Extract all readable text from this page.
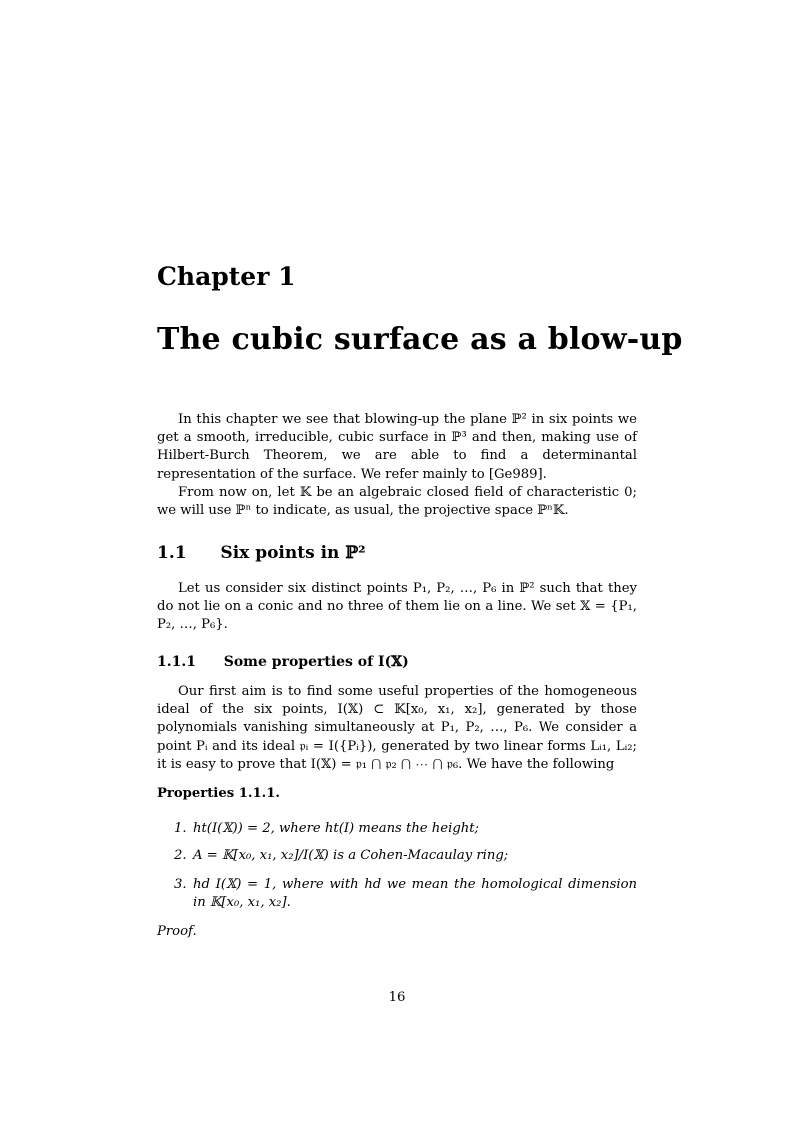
Chapter 1
The cubic surface as a blow-up

In this chapter we see that blowing-up the plane ℙ² in six points we get a smooth, irreducible, cubic surface in ℙ³ and then, making use of Hilbert-Burch Theorem, we are able to find a determinantal representation of the surface. We refer mainly to [Ge989].

From now on, let 𝕂 be an algebraic closed field of characteristic 0; we will use ℙⁿ to indicate, as usual, the projective space ℙⁿ𝕂.

1.1 Six points in ℙ²

Let us consider six distinct points P₁, P₂, …, P₆ in ℙ² such that they do not lie on a conic and no three of them lie on a line. We set 𝕏 = {P₁, P₂, …, P₆}.

1.1.1 Some properties of I(𝕏)

Our first aim is to find some useful properties of the homogeneous ideal of the six points, I(𝕏) ⊂ 𝕂[x₀, x₁, x₂], generated by those polynomials vanishing simultaneously at P₁, P₂, …, P₆. We consider a point Pᵢ and its ideal 𝔭ᵢ = I({Pᵢ}), generated by two linear forms Lᵢ₁, Lᵢ₂; it is easy to prove that I(𝕏) = 𝔭₁ ⋂ 𝔭₂ ⋂ ⋯ ⋂ 𝔭₆. We have the following

Properties 1.1.1.
1. ht(I(𝕏)) = 2, where ht(I) means the height;
2. A = 𝕂[x₀, x₁, x₂]/I(𝕏) is a Cohen-Macaulay ring;
3. hd I(𝕏) = 1, where with hd we mean the homological dimension in 𝕂[x₀, x₁, x₂].
Proof.
16
